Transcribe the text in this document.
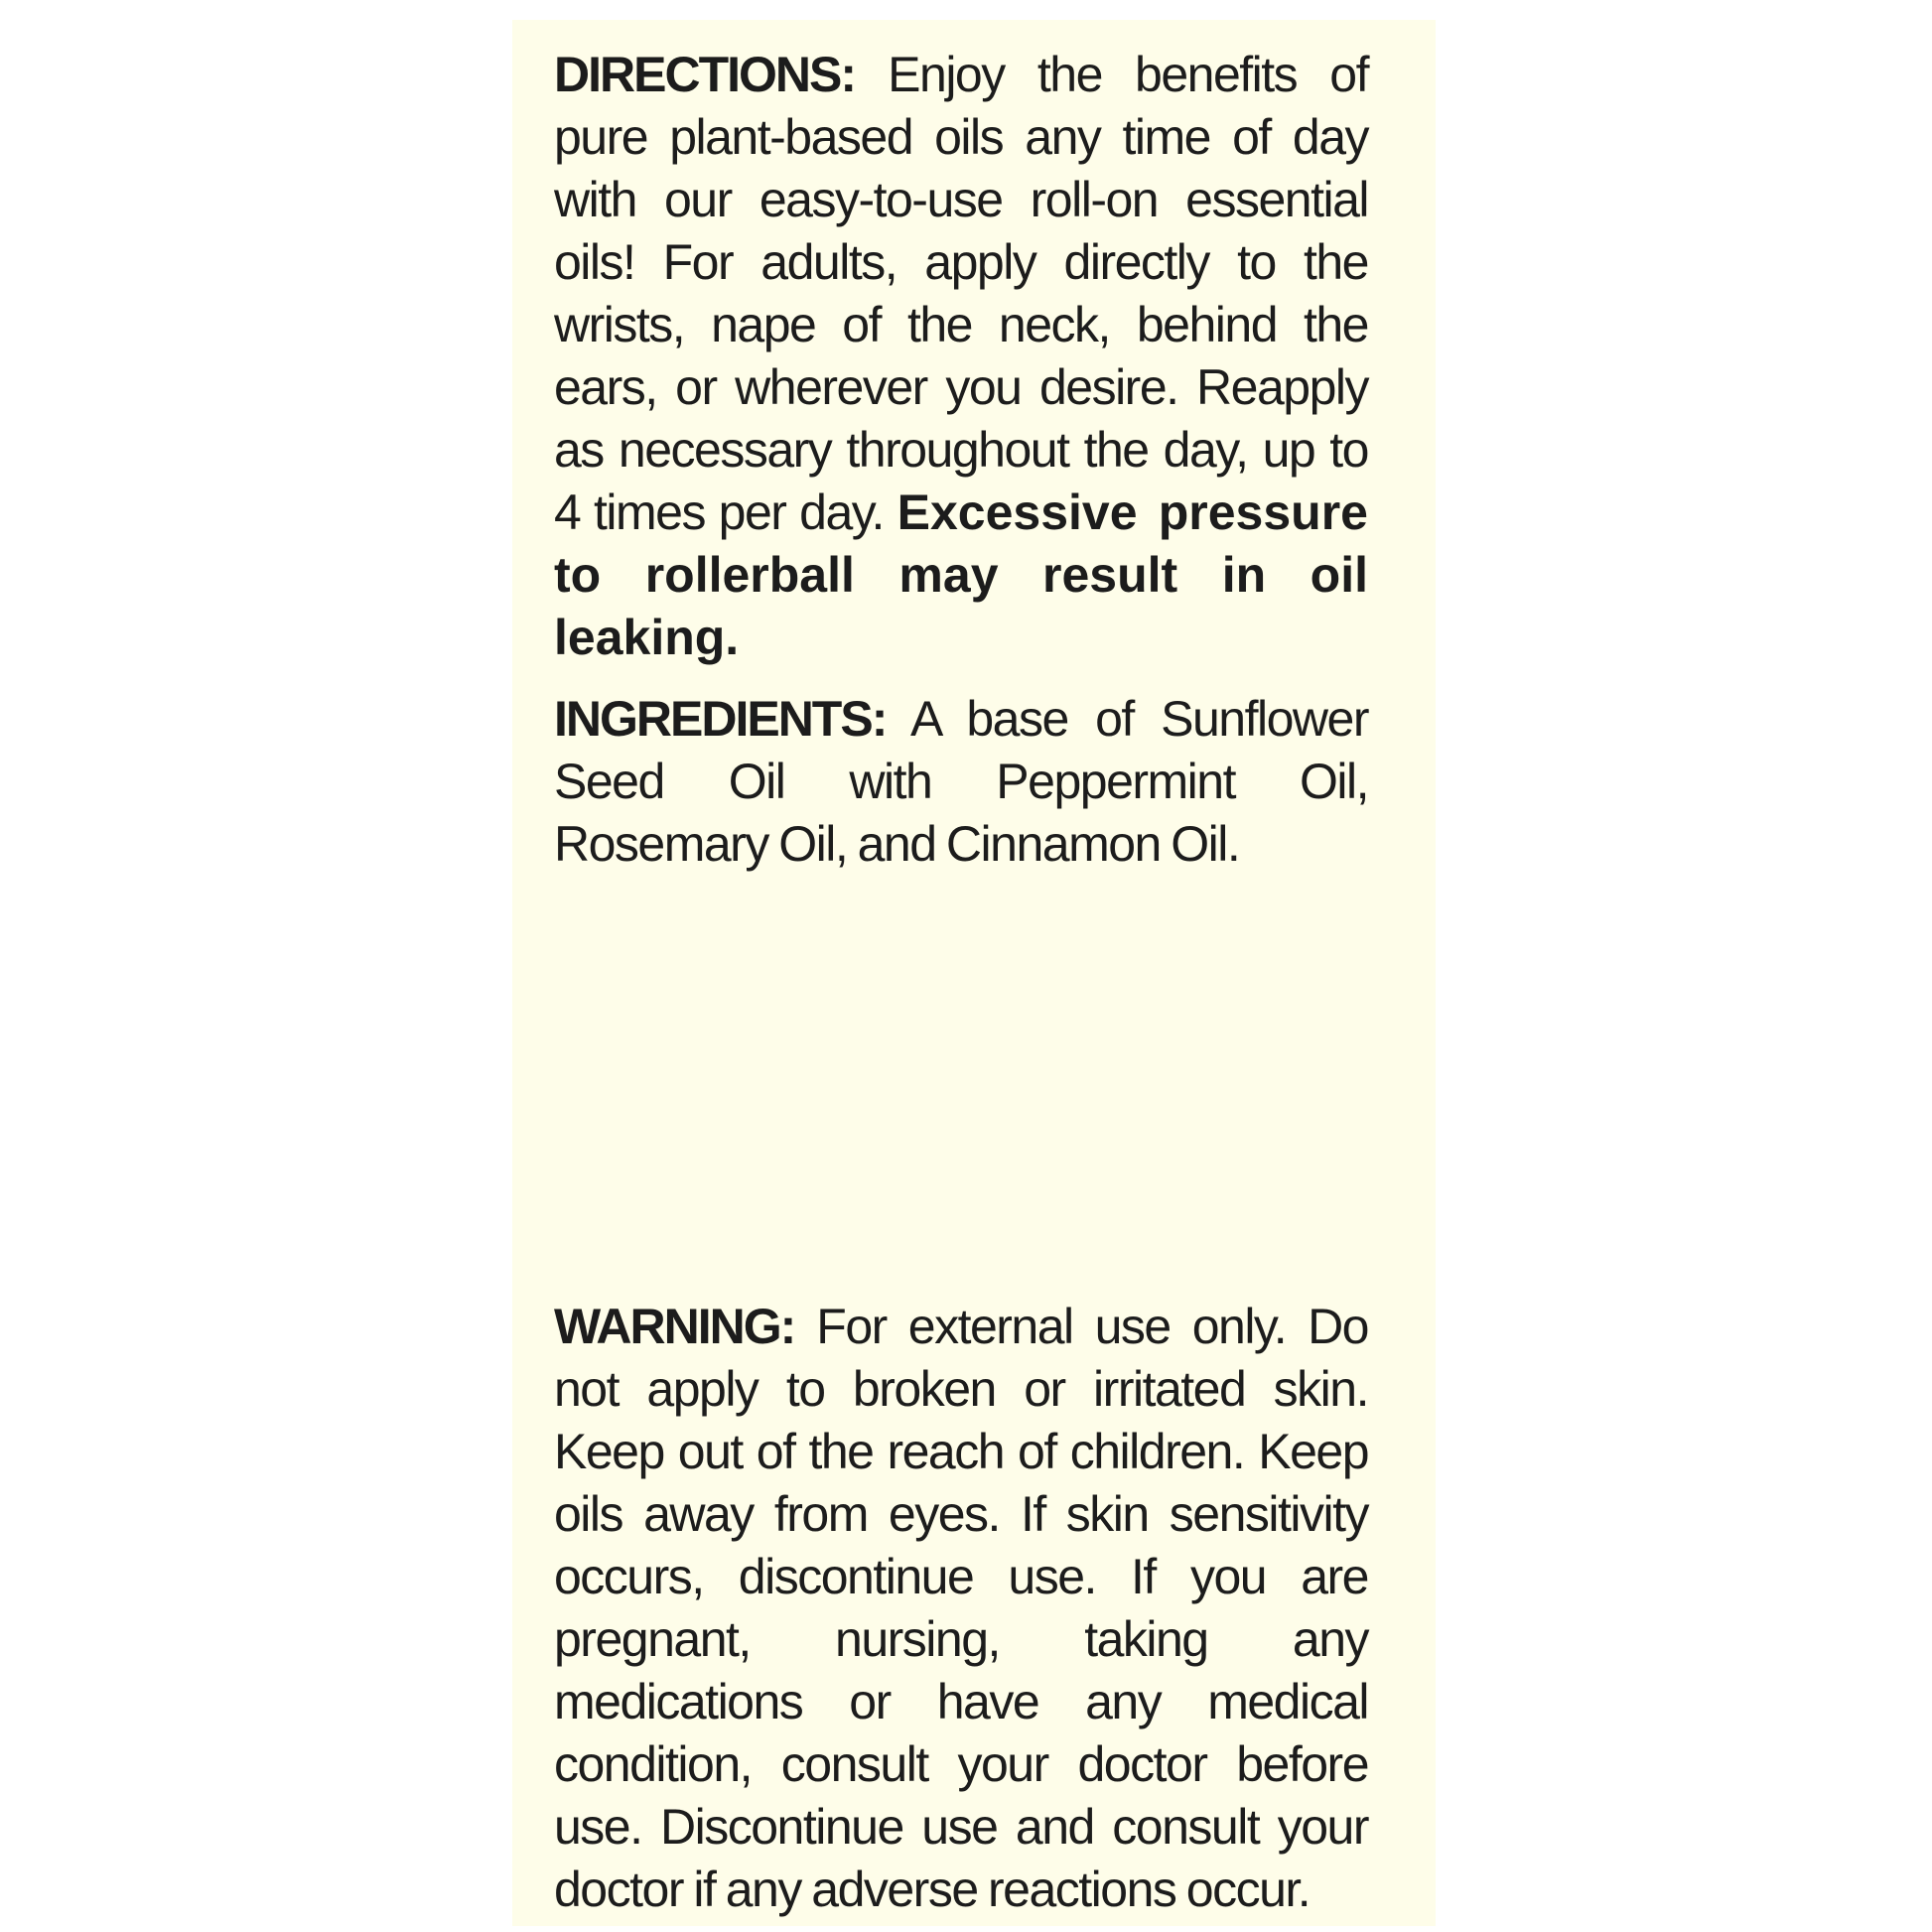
DIRECTIONS: Enjoy the benefits of pure plant-based oils any time of day with our easy-to-use roll-on essential oils! For adults, apply directly to the wrists, nape of the neck, behind the ears, or wherever you desire. Reapply as necessary throughout the day, up to 4 times per day. Excessive pressure to rollerball may result in oil leaking.
INGREDIENTS: A base of Sunflower Seed Oil with Peppermint Oil, Rosemary Oil, and Cinnamon Oil.
WARNING: For external use only. Do not apply to broken or irritated skin. Keep out of the reach of children. Keep oils away from eyes. If skin sensitivity occurs, discontinue use. If you are pregnant, nursing, taking any medications or have any medical condition, consult your doctor before use. Discontinue use and consult your doctor if any adverse reactions occur.
